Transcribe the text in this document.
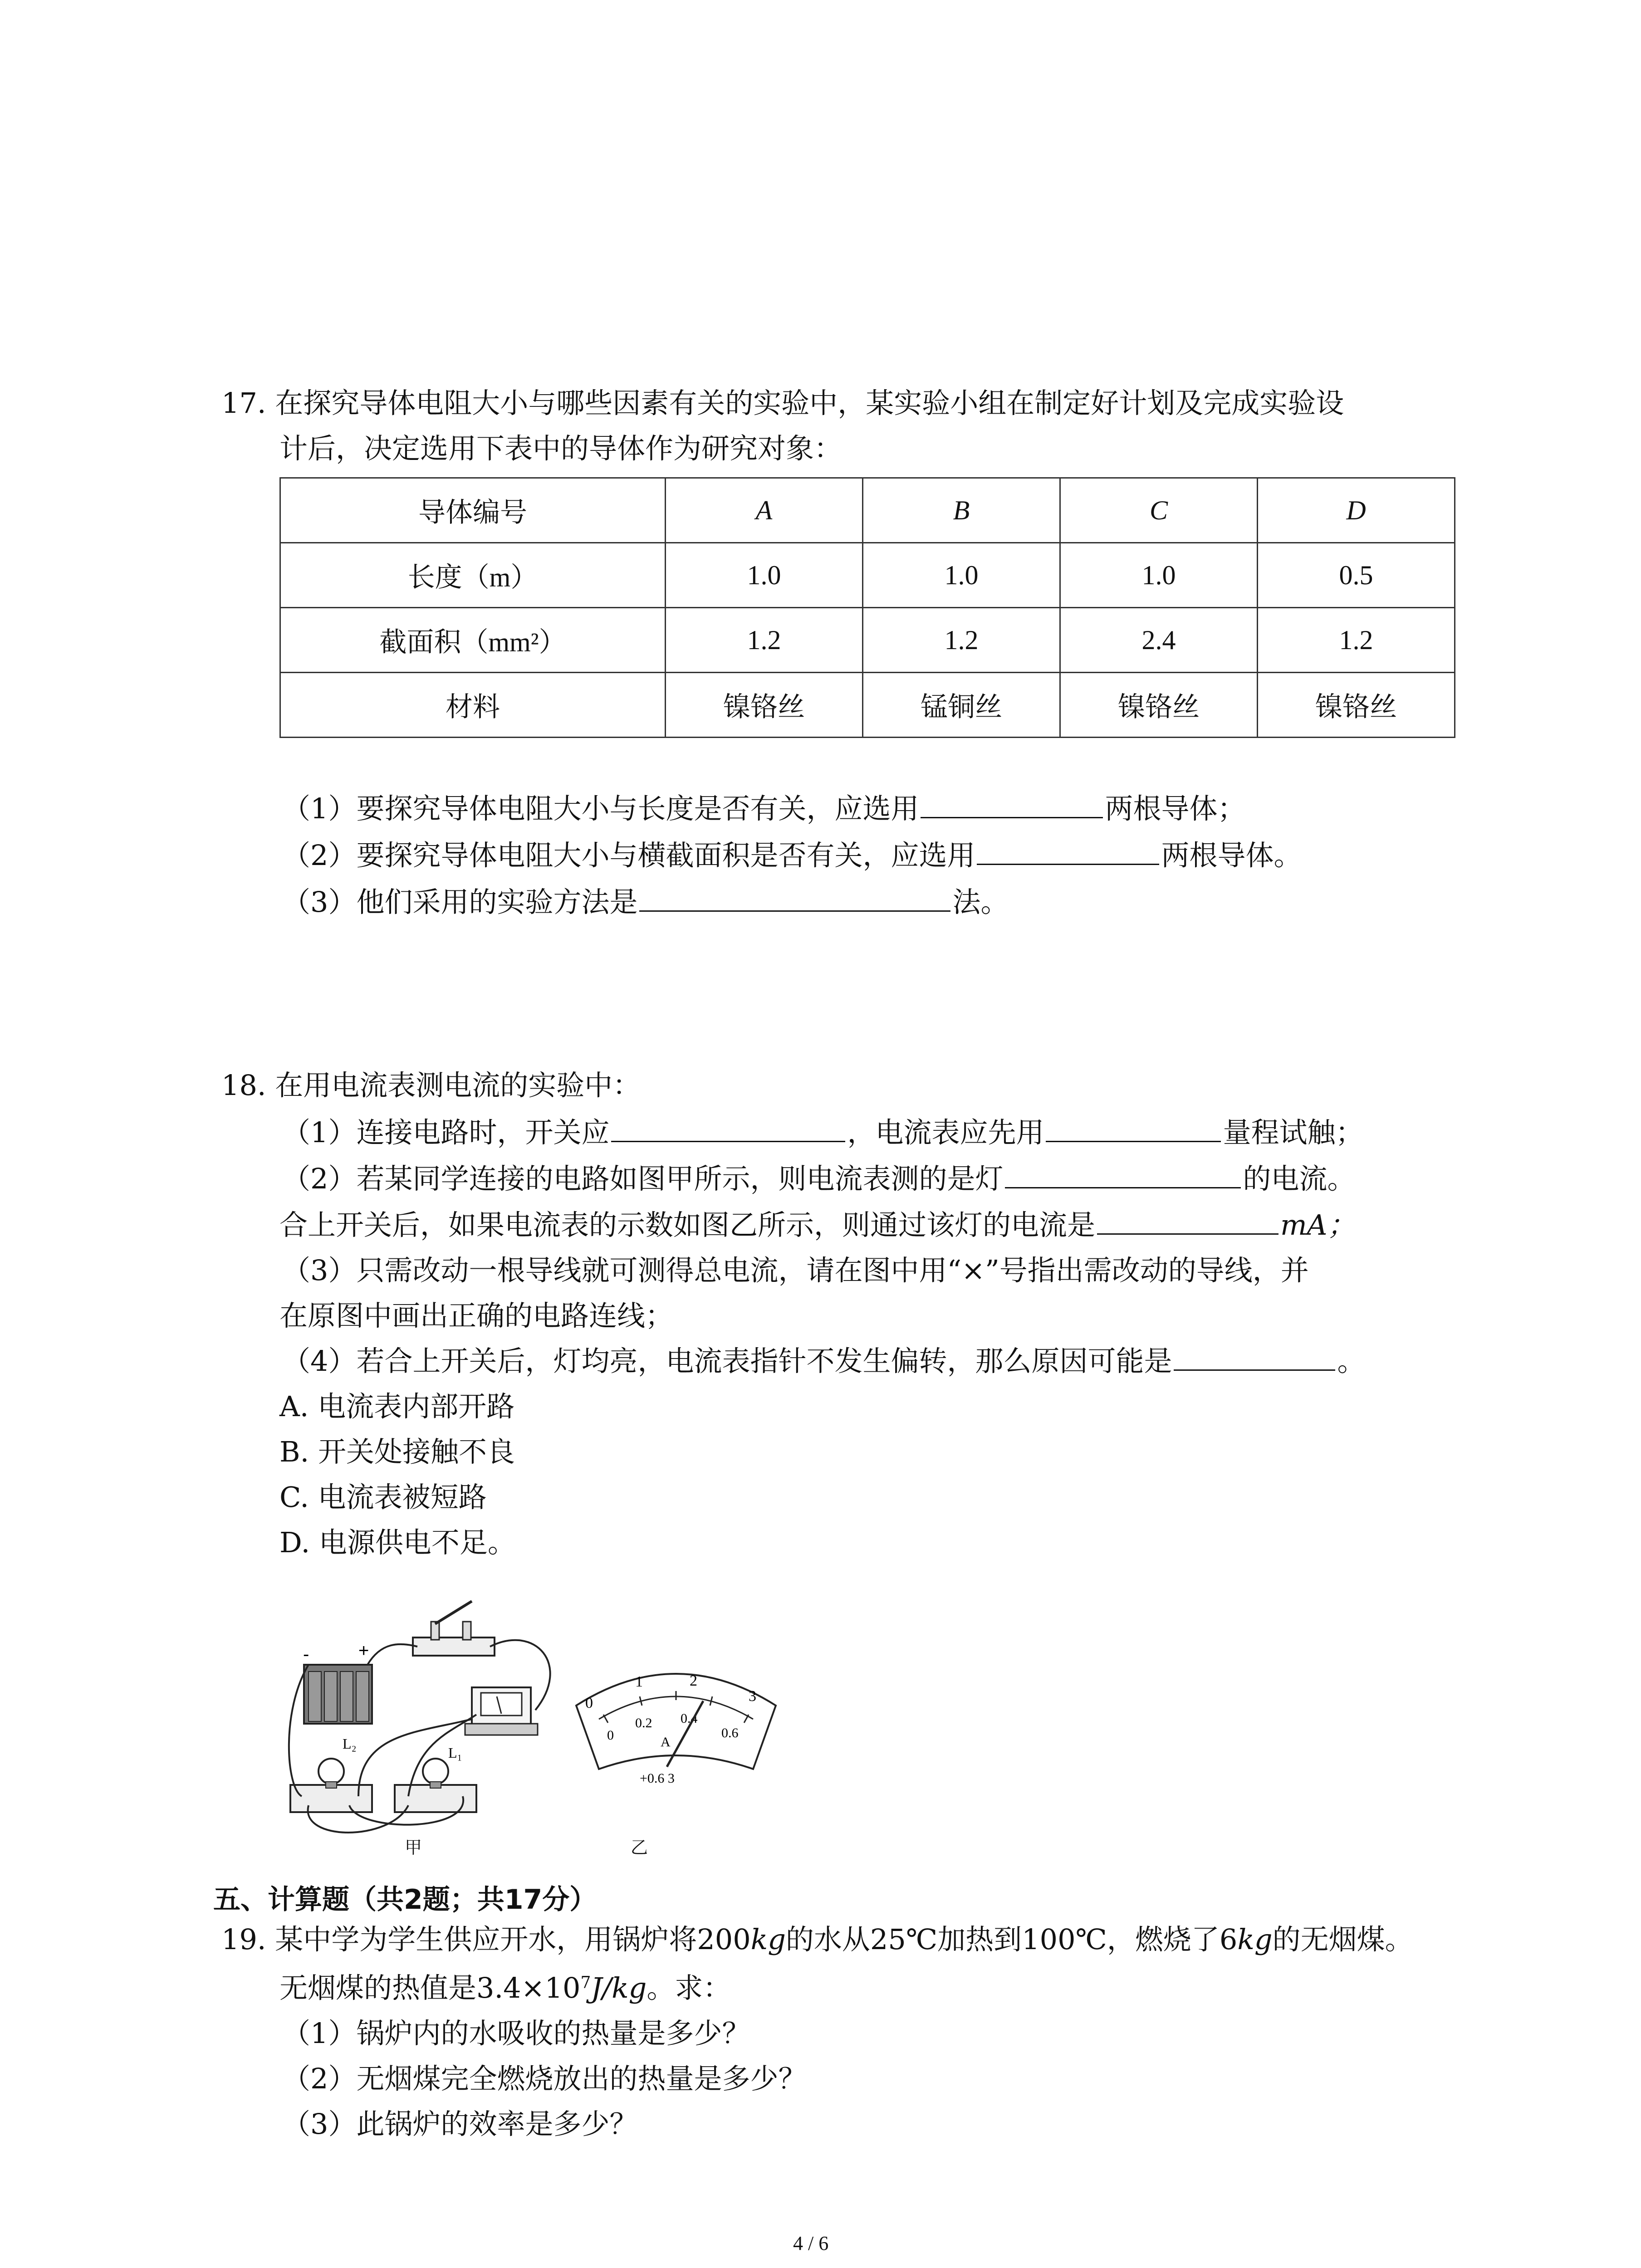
17. 在探究导体电阻大小与哪些因素有关的实验中，某实验小组在制定好计划及完成实验设
计后，决定选用下表中的导体作为研究对象：
导体编号	A	B	C	D
长度（m）	1.0	1.0	1.0	0.5
截面积（mm²）	1.2	1.2	2.4	1.2
材料	镍铬丝	锰铜丝	镍铬丝	镍铬丝
（1）要探究导体电阻大小与长度是否有关，应选用	两根导体；
（2）要探究导体电阻大小与横截面积是否有关，应选用	两根导体。
（3）他们采用的实验方法是	法。
18. 在用电流表测电流的实验中：
（1）连接电路时，开关应	，电流表应先用	量程试触；
（2）若某同学连接的电路如图甲所示，则电流表测的是灯	的电流。
合上开关后，如果电流表的示数如图乙所示，则通过该灯的电流是	mA；
（3）只需改动一根导线就可测得总电流，请在图中用“×”号指出需改动的导线，并
在原图中画出正确的电路连线；
（4）若合上开关后，灯均亮，电流表指针不发生偏转，那么原因可能是	。
A. 电流表内部开路
B. 开关处接触不良
C. 电流表被短路
D. 电源供电不足。
-	+
L₂
L₁
甲
0
1	2
3
0
0.2 0.4
0.6
A
+0.6 3
乙
五、计算题（共2题；共17分）
19. 某中学为学生供应开水，用锅炉将200kg的水从25℃加热到100℃，燃烧了6kg的无烟煤。
无烟煤的热值是$3.4\times 10^7J/kg$。求：
（1）锅炉内的水吸收的热量是多少？
（2）无烟煤完全燃烧放出的热量是多少？
（3）此锅炉的效率是多少？
4 / 6
